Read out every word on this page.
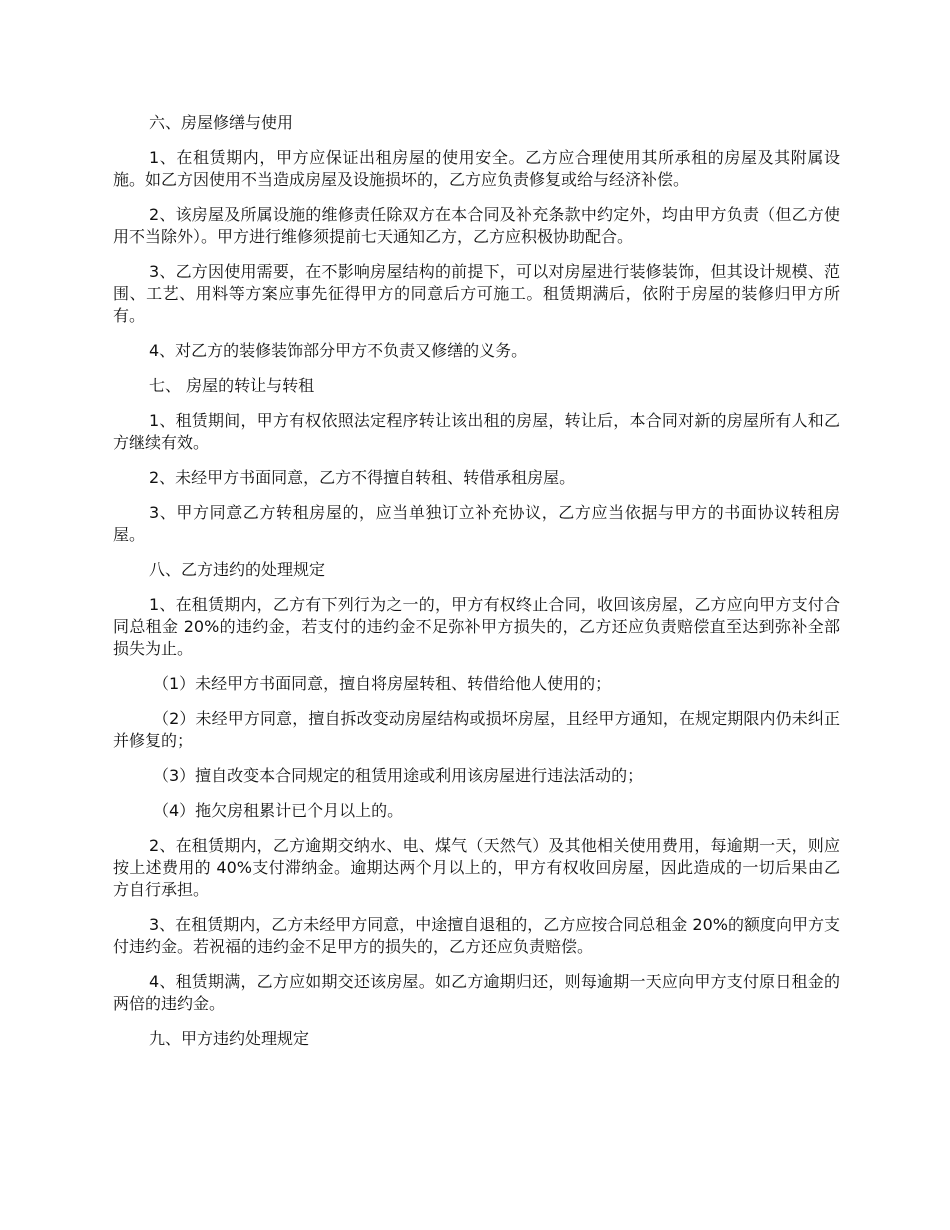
六、房屋修缮与使用

1、在租赁期内，甲方应保证出租房屋的使用安全。乙方应合理使用其所承租的房屋及其附属设施。如乙方因使用不当造成房屋及设施损坏的，乙方应负责修复或给与经济补偿。

2、该房屋及所属设施的维修责任除双方在本合同及补充条款中约定外，均由甲方负责（但乙方使用不当除外）。甲方进行维修须提前七天通知乙方，乙方应积极协助配合。

3、乙方因使用需要，在不影响房屋结构的前提下，可以对房屋进行装修装饰，但其设计规模、范围、工艺、用料等方案应事先征得甲方的同意后方可施工。租赁期满后，依附于房屋的装修归甲方所有。

4、对乙方的装修装饰部分甲方不负责又修缮的义务。

七、 房屋的转让与转租

1、租赁期间，甲方有权依照法定程序转让该出租的房屋，转让后，本合同对新的房屋所有人和乙方继续有效。

2、未经甲方书面同意，乙方不得擅自转租、转借承租房屋。

3、甲方同意乙方转租房屋的，应当单独订立补充协议，乙方应当依据与甲方的书面协议转租房屋。

八、乙方违约的处理规定

1、在租赁期内，乙方有下列行为之一的，甲方有权终止合同，收回该房屋，乙方应向甲方支付合同总租金 20%的违约金，若支付的违约金不足弥补甲方损失的，乙方还应负责赔偿直至达到弥补全部损失为止。

（1）未经甲方书面同意，擅自将房屋转租、转借给他人使用的；

（2）未经甲方同意，擅自拆改变动房屋结构或损坏房屋，且经甲方通知，在规定期限内仍未纠正并修复的；

（3）擅自改变本合同规定的租赁用途或利用该房屋进行违法活动的；

（4）拖欠房租累计已个月以上的。

2、在租赁期内，乙方逾期交纳水、电、煤气（天然气）及其他相关使用费用，每逾期一天，则应按上述费用的 40%支付滞纳金。逾期达两个月以上的，甲方有权收回房屋，因此造成的一切后果由乙方自行承担。

3、在租赁期内，乙方未经甲方同意，中途擅自退租的，乙方应按合同总租金 20%的额度向甲方支付违约金。若祝福的违约金不足甲方的损失的，乙方还应负责赔偿。

4、租赁期满，乙方应如期交还该房屋。如乙方逾期归还，则每逾期一天应向甲方支付原日租金的两倍的违约金。

九、甲方违约处理规定
